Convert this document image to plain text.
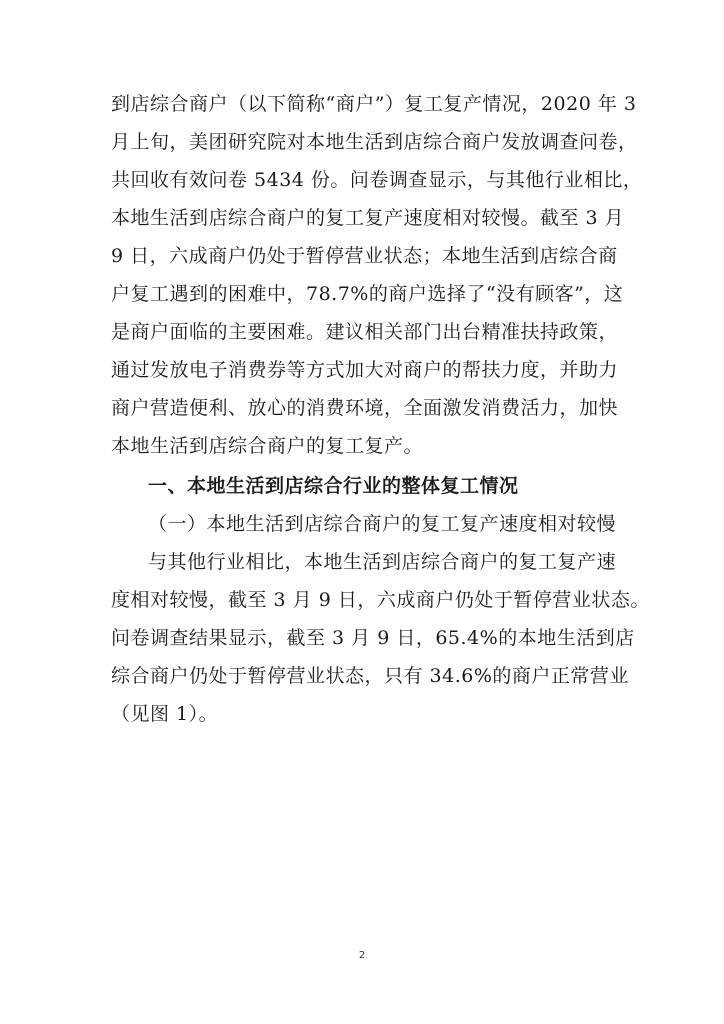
到店综合商户（以下简称“商户”）复工复产情况，2020 年 3
月上旬，美团研究院对本地生活到店综合商户发放调查问卷，
共回收有效问卷 5434 份。问卷调查显示，与其他行业相比，
本地生活到店综合商户的复工复产速度相对较慢。截至 3 月
9 日，六成商户仍处于暂停营业状态；本地生活到店综合商
户复工遇到的困难中，78.7%的商户选择了“没有顾客”，这
是商户面临的主要困难。建议相关部门出台精准扶持政策，
通过发放电子消费券等方式加大对商户的帮扶力度，并助力
商户营造便利、放心的消费环境，全面激发消费活力，加快
本地生活到店综合商户的复工复产。
一、本地生活到店综合行业的整体复工情况
（一）本地生活到店综合商户的复工复产速度相对较慢
与其他行业相比，本地生活到店综合商户的复工复产速
度相对较慢，截至 3 月 9 日，六成商户仍处于暂停营业状态。
问卷调查结果显示，截至 3 月 9 日，65.4%的本地生活到店
综合商户仍处于暂停营业状态，只有 34.6%的商户正常营业
（见图 1）。
2
